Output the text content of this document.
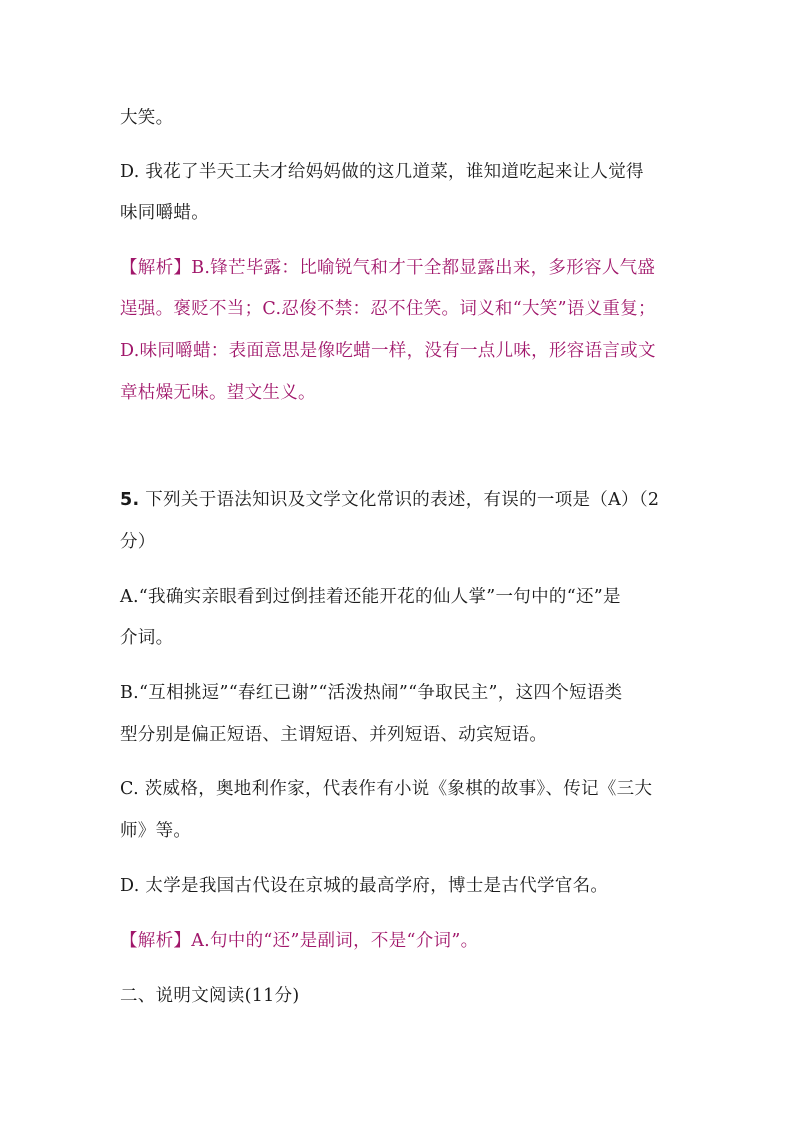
大笑。
D. 我花了半天工夫才给妈妈做的这几道菜，谁知道吃起来让人觉得
味同嚼蜡。
【解析】B.锋芒毕露：比喻锐气和才干全都显露出来，多形容人气盛
逞强。褒贬不当；C.忍俊不禁：忍不住笑。词义和“大笑”语义重复；
D.味同嚼蜡：表面意思是像吃蜡一样，没有一点儿味，形容语言或文
章枯燥无味。望文生义。
5. 下列关于语法知识及文学文化常识的表述，有误的一项是（A）（2
分）
A.“我确实亲眼看到过倒挂着还能开花的仙人掌”一句中的“还”是
介词。
B.“互相挑逗”“春红已谢”“活泼热闹”“争取民主”，这四个短语类
型分别是偏正短语、主谓短语、并列短语、动宾短语。
C. 茨威格，奥地利作家，代表作有小说《象棋的故事》、传记《三大
师》等。
D. 太学是我国古代设在京城的最高学府，博士是古代学官名。
【解析】A.句中的“还”是副词，不是“介词”。
二、说明文阅读(11分)
